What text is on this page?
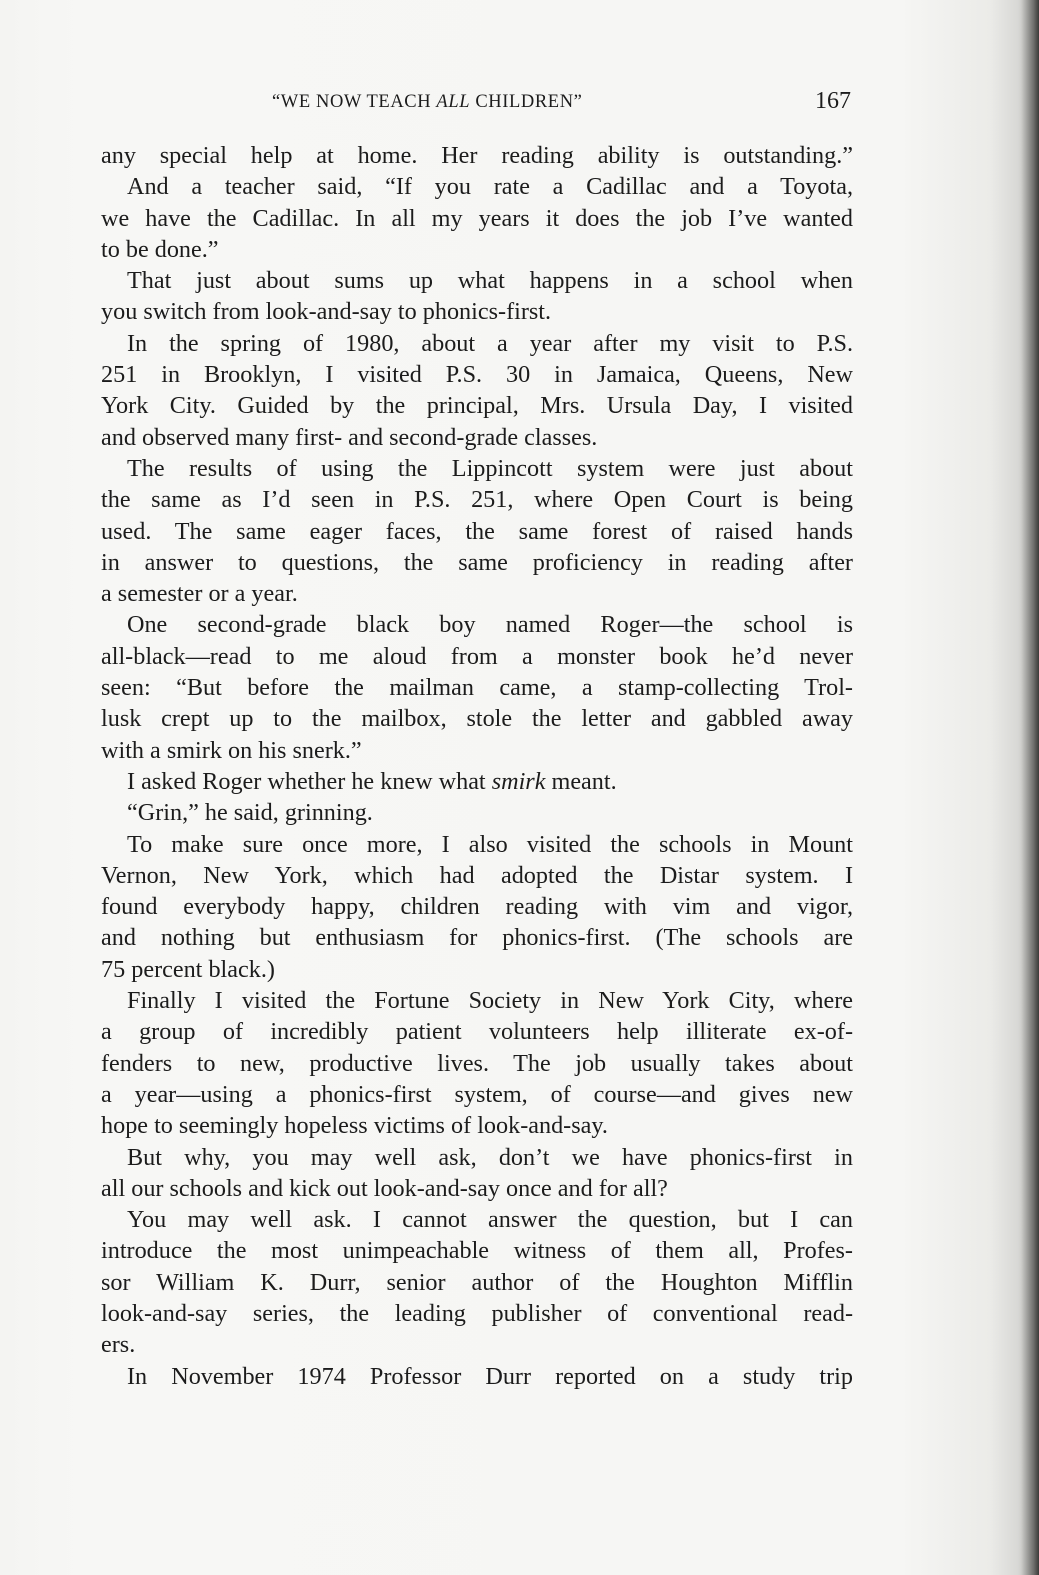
“WE NOW TEACH ALL CHILDREN”	167
any special help at home. Her reading ability is outstanding.”
And a teacher said, “If you rate a Cadillac and a Toyota,
we have the Cadillac. In all my years it does the job I’ve wanted
to be done.”
That just about sums up what happens in a school when
you switch from look-and-say to phonics-first.
In the spring of 1980, about a year after my visit to P.S.
251 in Brooklyn, I visited P.S. 30 in Jamaica, Queens, New
York City. Guided by the principal, Mrs. Ursula Day, I visited
and observed many first- and second-grade classes.
The results of using the Lippincott system were just about
the same as I’d seen in P.S. 251, where Open Court is being
used. The same eager faces, the same forest of raised hands
in answer to questions, the same proficiency in reading after
a semester or a year.
One second-grade black boy named Roger—the school is
all-black—read to me aloud from a monster book he’d never
seen: “But before the mailman came, a stamp-collecting Trol-
lusk crept up to the mailbox, stole the letter and gabbled away
with a smirk on his snerk.”
I asked Roger whether he knew what smirk meant.
“Grin,” he said, grinning.
To make sure once more, I also visited the schools in Mount
Vernon, New York, which had adopted the Distar system. I
found everybody happy, children reading with vim and vigor,
and nothing but enthusiasm for phonics-first. (The schools are
75 percent black.)
Finally I visited the Fortune Society in New York City, where
a group of incredibly patient volunteers help illiterate ex-of-
fenders to new, productive lives. The job usually takes about
a year—using a phonics-first system, of course—and gives new
hope to seemingly hopeless victims of look-and-say.
But why, you may well ask, don’t we have phonics-first in
all our schools and kick out look-and-say once and for all?
You may well ask. I cannot answer the question, but I can
introduce the most unimpeachable witness of them all, Profes-
sor William K. Durr, senior author of the Houghton Mifflin
look-and-say series, the leading publisher of conventional read-
ers.
In November 1974 Professor Durr reported on a study trip
